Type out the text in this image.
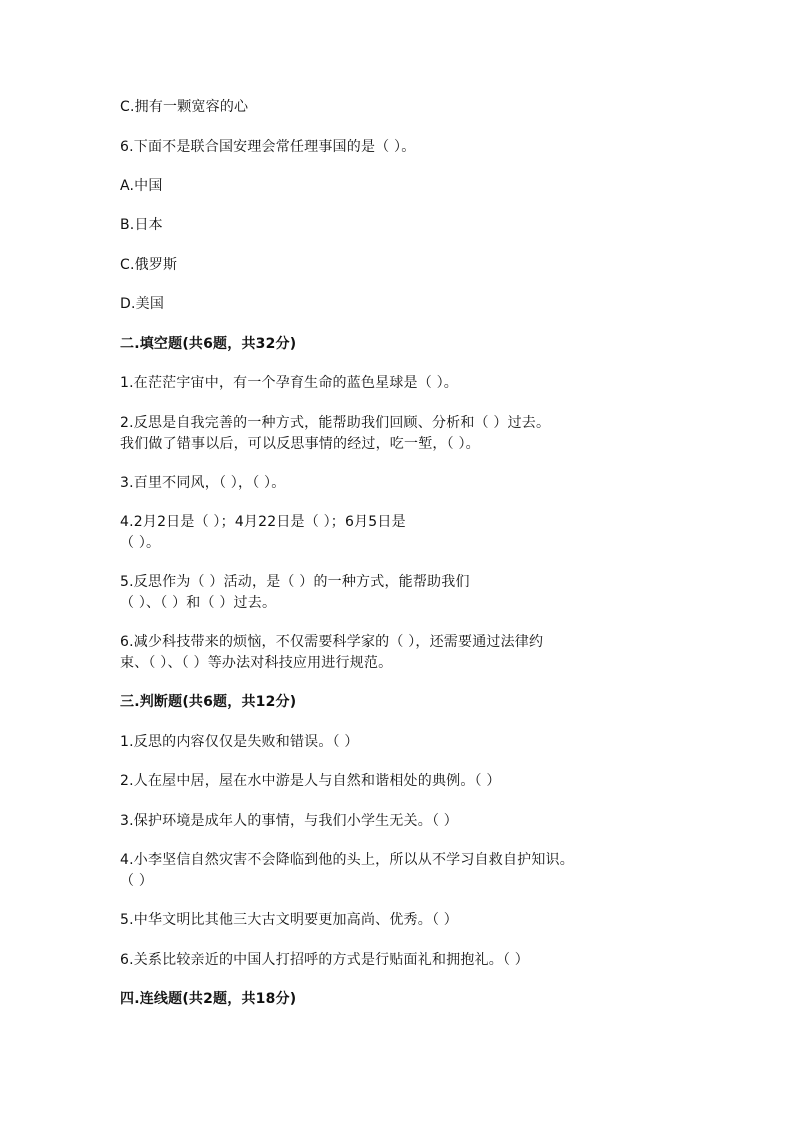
C.拥有一颗宽容的心
6.下面不是联合国安理会常任理事国的是（ ）。
A.中国
B.日本
C.俄罗斯
D.美国
二.填空题(共6题，共32分)
1.在茫茫宇宙中，有一个孕育生命的蓝色星球是（ ）。
2.反思是自我完善的一种方式，能帮助我们回顾、分析和（ ）过去。
我们做了错事以后，可以反思事情的经过，吃一堑，（ ）。
3.百里不同风，（ ），（ ）。
4.2月2日是（ ）；4月22日是（ ）；6月5日是
（ ）。
5.反思作为（ ）活动，是（ ）的一种方式，能帮助我们
（ ）、（ ）和（ ）过去。
6.减少科技带来的烦恼，不仅需要科学家的（ ），还需要通过法律约
束、（ ）、（ ）等办法对科技应用进行规范。
三.判断题(共6题，共12分)
1.反思的内容仅仅是失败和错误。（ ）
2.人在屋中居，屋在水中游是人与自然和谐相处的典例。（ ）
3.保护环境是成年人的事情，与我们小学生无关。（ ）
4.小李坚信自然灾害不会降临到他的头上，所以从不学习自救自护知识。
（ ）
5.中华文明比其他三大古文明要更加高尚、优秀。（ ）
6.关系比较亲近的中国人打招呼的方式是行贴面礼和拥抱礼。（ ）
四.连线题(共2题，共18分)
